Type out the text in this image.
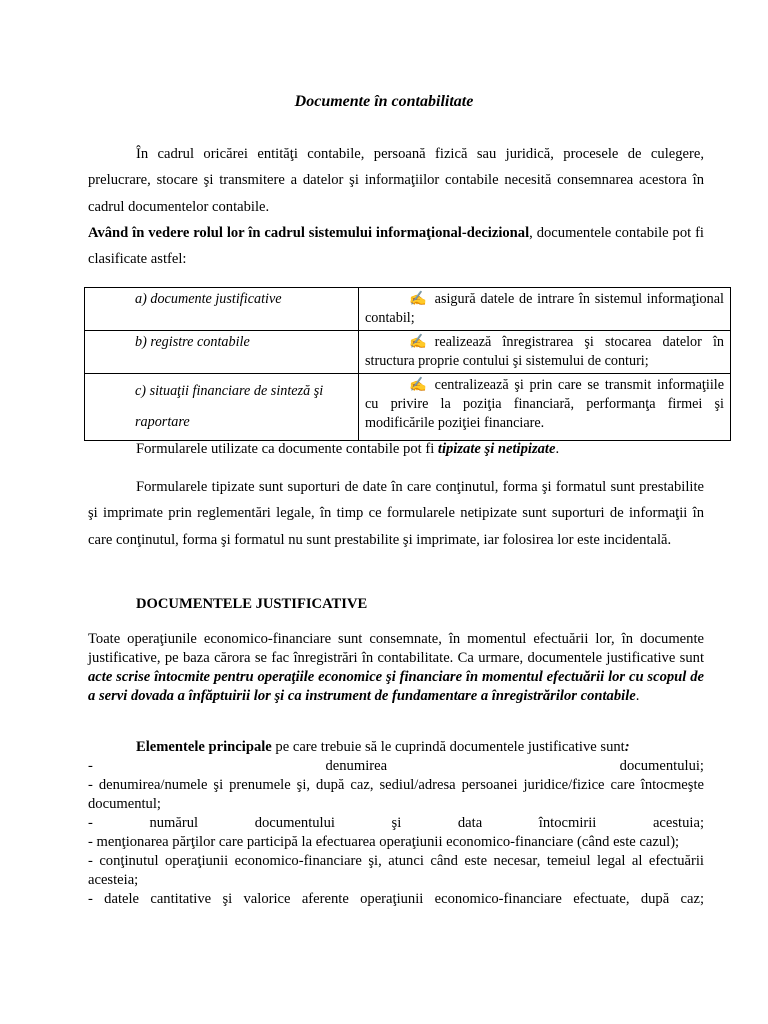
Documente în contabilitate

În cadrul oricărei entităţi contabile, persoană fizică sau juridică, procesele de culegere, prelucrare, stocare şi transmitere a datelor şi informaţiilor contabile necesită consemnarea acestora în cadrul documentelor contabile.
Având în vedere rolul lor în cadrul sistemului informaţional-decizional, documentele contabile pot fi clasificate astfel:

a) documente justificative	✍ asigură datele de intrare în sistemul informaţional contabil;
b) registre contabile	✍ realizează înregistrarea şi stocarea datelor în structura proprie contului şi sistemului de conturi;
c) situaţii financiare de sinteză şi raportare	✍ centralizează şi prin care se transmit informaţiile cu privire la poziţia financiară, performanţa firmei şi modificările poziţiei financiare.

Formularele utilizate ca documente contabile pot fi tipizate şi netipizate.

Formularele tipizate sunt suporturi de date în care conţinutul, forma şi formatul sunt prestabilite şi imprimate prin reglementări legale, în timp ce formularele netipizate sunt suporturi de informaţii în care conţinutul, forma şi formatul nu sunt prestabilite şi imprimate, iar folosirea lor este incidentală.

DOCUMENTELE JUSTIFICATIVE

Toate operaţiunile economico-financiare sunt consemnate, în momentul efectuării lor, în documente justificative, pe baza cărora se fac înregistrări în contabilitate. Ca urmare, documentele justificative sunt acte scrise întocmite pentru operaţiile economice şi financiare în momentul efectuării lor cu scopul de a servi dovada a înfăptuirii lor şi ca instrument de fundamentare a înregistrărilor contabile.

Elementele principale pe care trebuie să le cuprindă documentele justificative sunt:
- denumirea documentului;
- denumirea/numele şi prenumele şi, după caz, sediul/adresa persoanei juridice/fizice care întocmeşte documentul;
- numărul documentului şi data întocmirii acestuia;
- menţionarea părţilor care participă la efectuarea operaţiunii economico-financiare (când este cazul);
- conţinutul operaţiunii economico-financiare şi, atunci când este necesar, temeiul legal al efectuării acesteia;
- datele cantitative şi valorice aferente operaţiunii economico-financiare efectuate, după caz;
